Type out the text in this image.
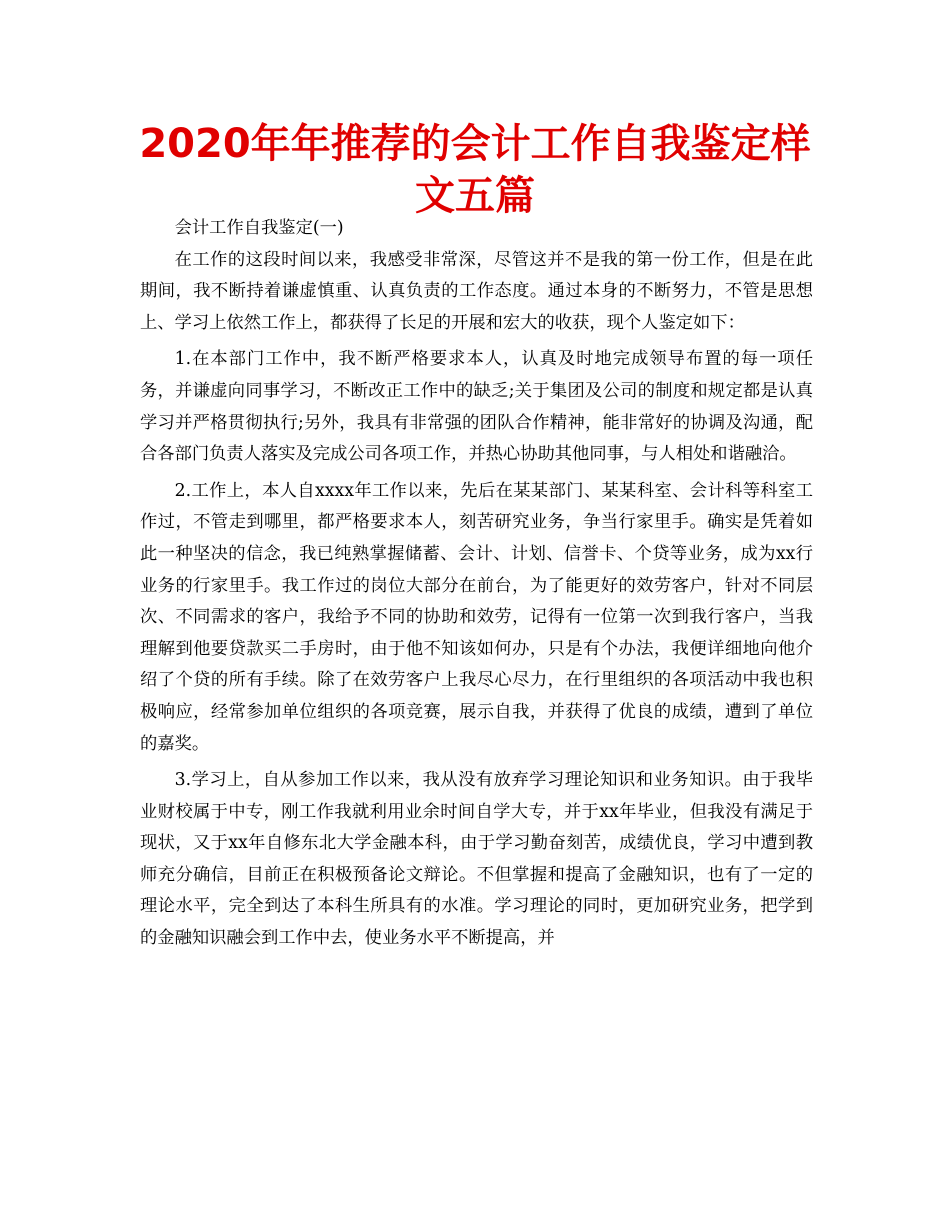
2020年年推荐的会计工作自我鉴定样文五篇

会计工作自我鉴定(一)

在工作的这段时间以来，我感受非常深，尽管这并不是我的第一份工作，但是在此期间，我不断持着谦虚慎重、认真负责的工作态度。通过本身的不断努力，不管是思想上、学习上依然工作上，都获得了长足的开展和宏大的收获，现个人鉴定如下：

1.在本部门工作中，我不断严格要求本人，认真及时地完成领导布置的每一项任务，并谦虚向同事学习，不断改正工作中的缺乏;关于集团及公司的制度和规定都是认真学习并严格贯彻执行;另外，我具有非常强的团队合作精神，能非常好的协调及沟通，配合各部门负责人落实及完成公司各项工作，并热心协助其他同事，与人相处和谐融洽。

2.工作上，本人自xxxx年工作以来，先后在某某部门、某某科室、会计科等科室工作过，不管走到哪里，都严格要求本人，刻苦研究业务，争当行家里手。确实是凭着如此一种坚决的信念，我已纯熟掌握储蓄、会计、计划、信誉卡、个贷等业务，成为xx行业务的行家里手。我工作过的岗位大部分在前台，为了能更好的效劳客户，针对不同层次、不同需求的客户，我给予不同的协助和效劳，记得有一位第一次到我行客户，当我理解到他要贷款买二手房时，由于他不知该如何办，只是有个办法，我便详细地向他介绍了个贷的所有手续。除了在效劳客户上我尽心尽力，在行里组织的各项活动中我也积极响应，经常参加单位组织的各项竞赛，展示自我，并获得了优良的成绩，遭到了单位的嘉奖。

3.学习上，自从参加工作以来，我从没有放弃学习理论知识和业务知识。由于我毕业财校属于中专，刚工作我就利用业余时间自学大专，并于xx年毕业，但我没有满足于现状，又于xx年自修东北大学金融本科，由于学习勤奋刻苦，成绩优良，学习中遭到教师充分确信，目前正在积极预备论文辩论。不但掌握和提高了金融知识，也有了一定的理论水平，完全到达了本科生所具有的水准。学习理论的同时，更加研究业务，把学到的金融知识融会到工作中去，使业务水平不断提高，并
